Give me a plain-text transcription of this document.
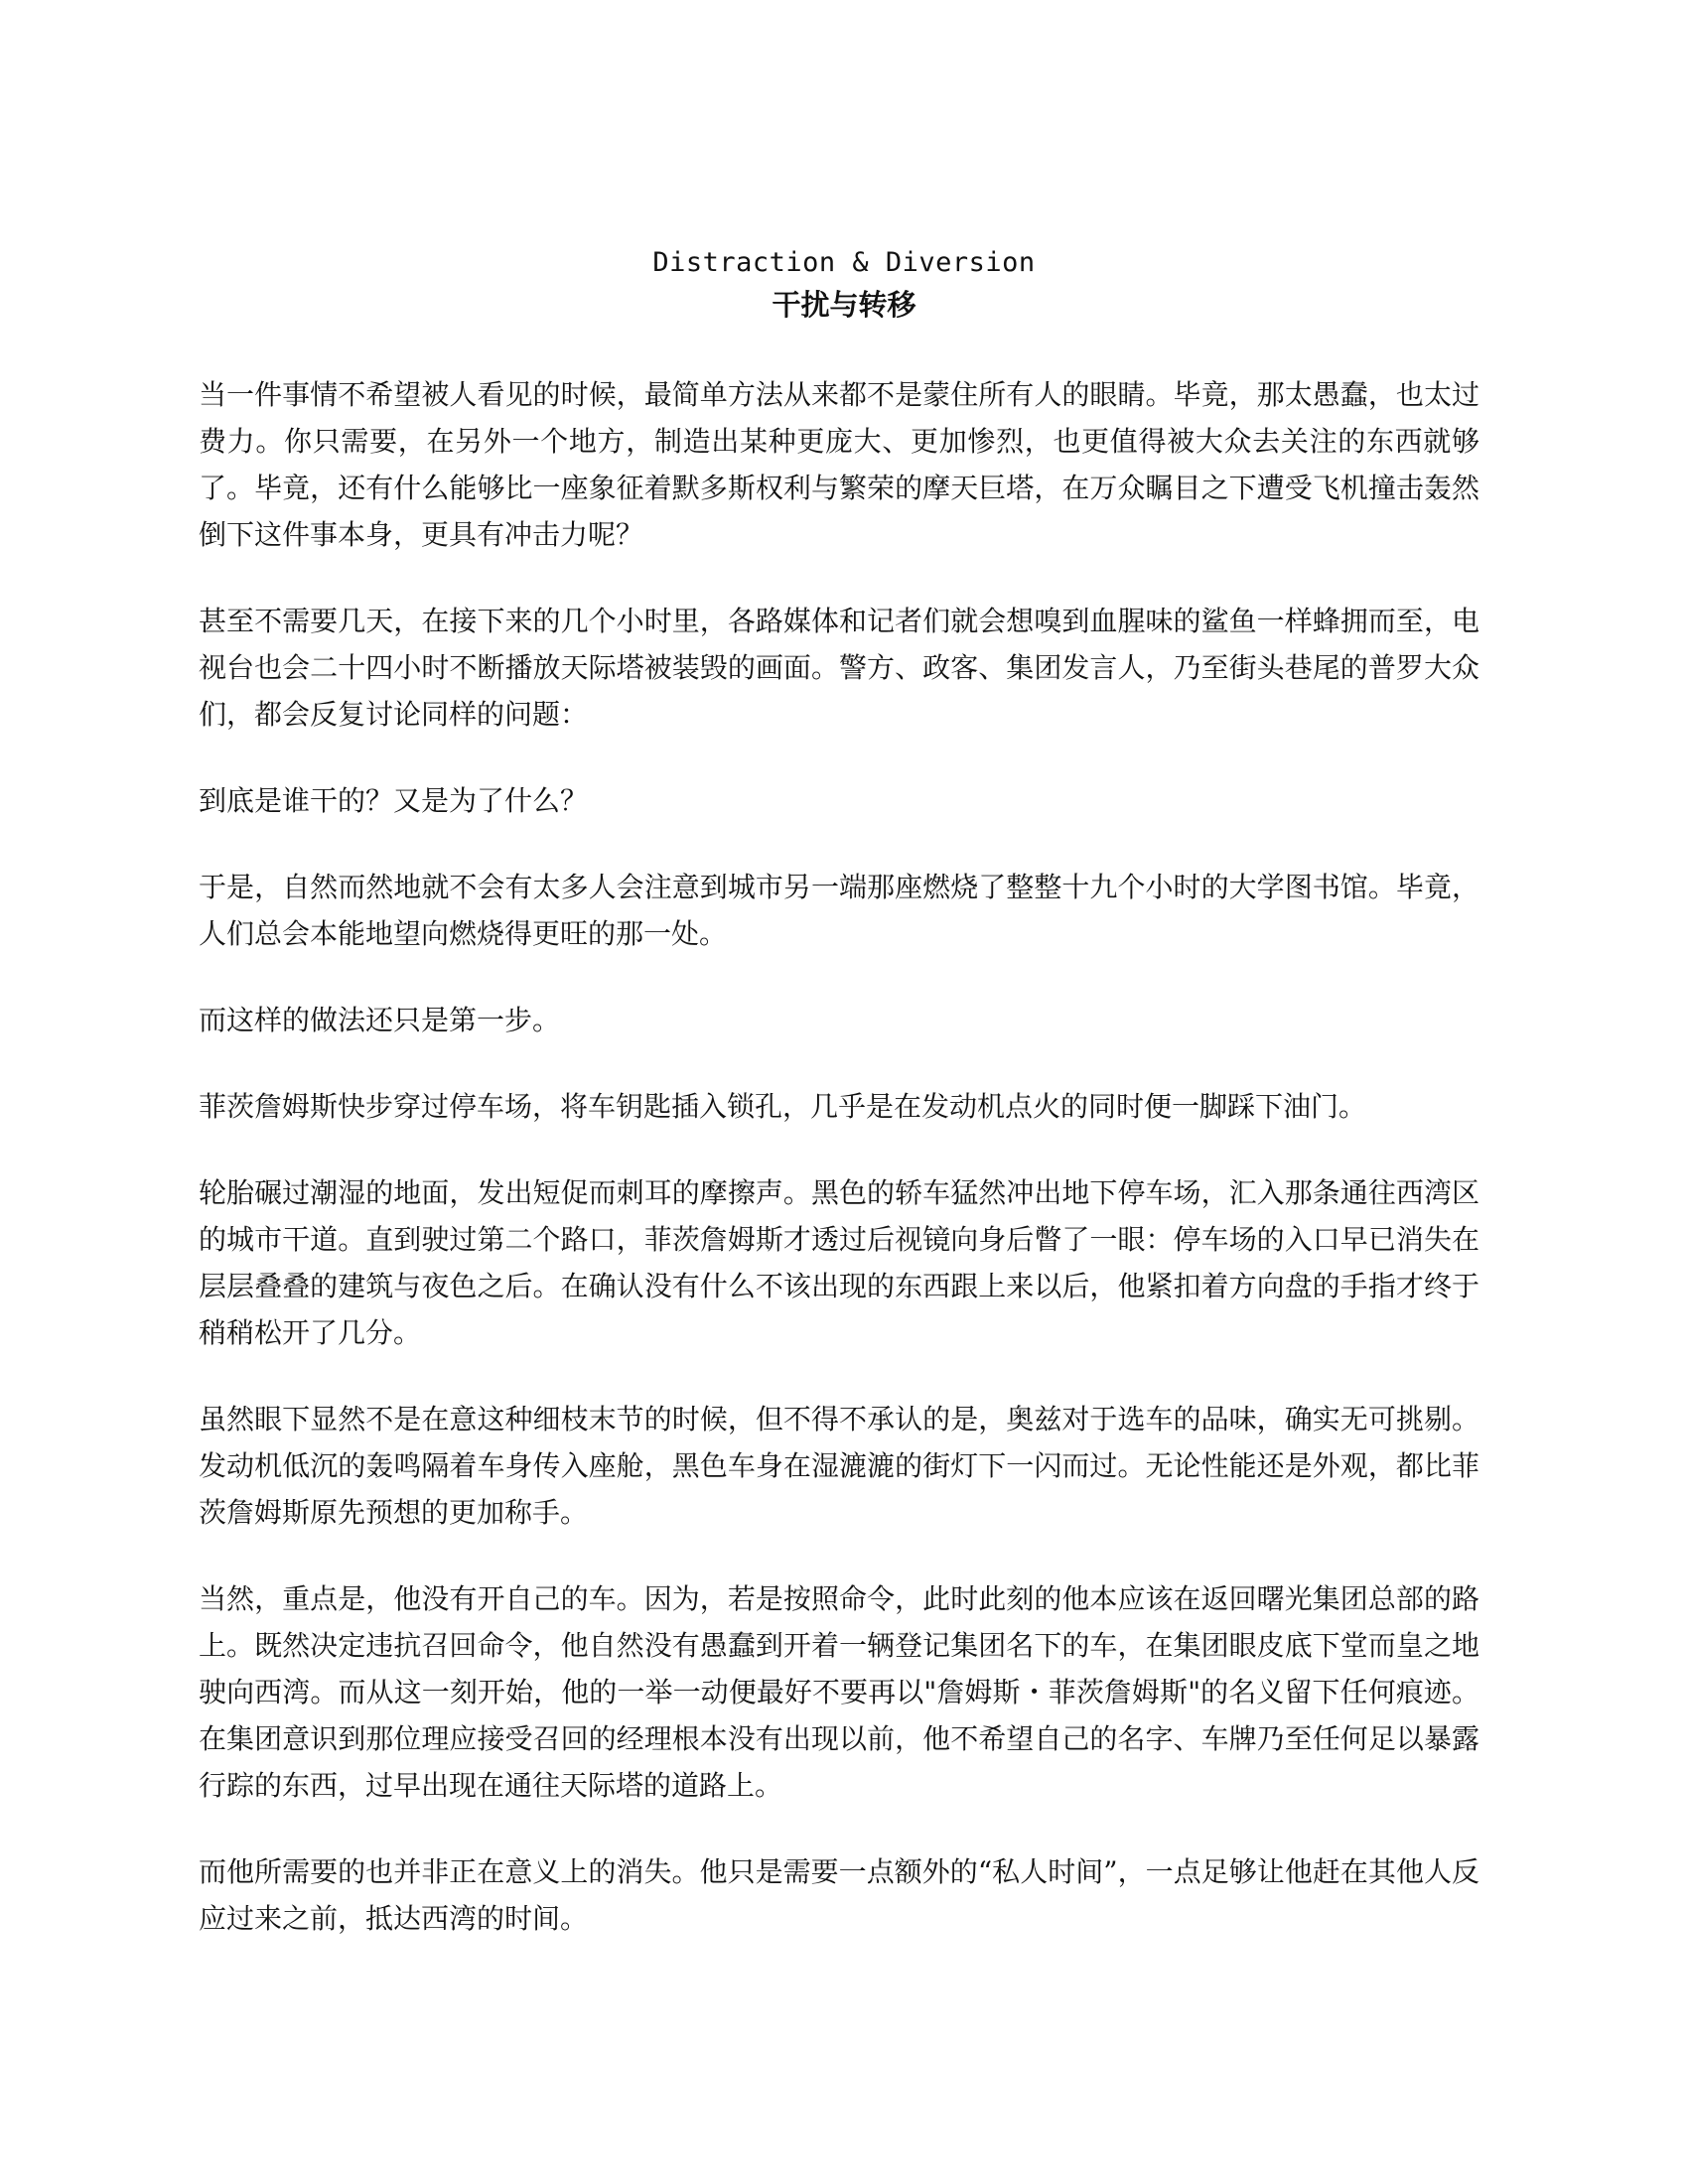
Distraction & Diversion
干扰与转移

当一件事情不希望被人看见的时候，最简单方法从来都不是蒙住所有人的眼睛。毕竟，那太愚蠢，也太过费力。你只需要，在另外一个地方，制造出某种更庞大、更加惨烈，也更值得被大众去关注的东西就够了。毕竟，还有什么能够比一座象征着默多斯权利与繁荣的摩天巨塔，在万众瞩目之下遭受飞机撞击轰然倒下这件事本身，更具有冲击力呢？

甚至不需要几天，在接下来的几个小时里，各路媒体和记者们就会想嗅到血腥味的鲨鱼一样蜂拥而至，电视台也会二十四小时不断播放天际塔被装毁的画面。警方、政客、集团发言人，乃至街头巷尾的普罗大众们，都会反复讨论同样的问题：

到底是谁干的？又是为了什么？

于是，自然而然地就不会有太多人会注意到城市另一端那座燃烧了整整十九个小时的大学图书馆。毕竟，人们总会本能地望向燃烧得更旺的那一处。

而这样的做法还只是第一步。

菲茨詹姆斯快步穿过停车场，将车钥匙插入锁孔，几乎是在发动机点火的同时便一脚踩下油门。

轮胎碾过潮湿的地面，发出短促而刺耳的摩擦声。黑色的轿车猛然冲出地下停车场，汇入那条通往西湾区的城市干道。直到驶过第二个路口，菲茨詹姆斯才透过后视镜向身后瞥了一眼：停车场的入口早已消失在层层叠叠的建筑与夜色之后。在确认没有什么不该出现的东西跟上来以后，他紧扣着方向盘的手指才终于稍稍松开了几分。

虽然眼下显然不是在意这种细枝末节的时候，但不得不承认的是，奥兹对于选车的品味，确实无可挑剔。发动机低沉的轰鸣隔着车身传入座舱，黑色车身在湿漉漉的街灯下一闪而过。无论性能还是外观，都比菲茨詹姆斯原先预想的更加称手。

当然，重点是，他没有开自己的车。因为，若是按照命令，此时此刻的他本应该在返回曙光集团总部的路上。既然决定违抗召回命令，他自然没有愚蠢到开着一辆登记集团名下的车，在集团眼皮底下堂而皇之地驶向西湾。而从这一刻开始，他的一举一动便最好不要再以"詹姆斯・菲茨詹姆斯"的名义留下任何痕迹。在集团意识到那位理应接受召回的经理根本没有出现以前，他不希望自己的名字、车牌乃至任何足以暴露行踪的东西，过早出现在通往天际塔的道路上。

而他所需要的也并非正在意义上的消失。他只是需要一点额外的“私人时间”，一点足够让他赶在其他人反应过来之前，抵达西湾的时间。
